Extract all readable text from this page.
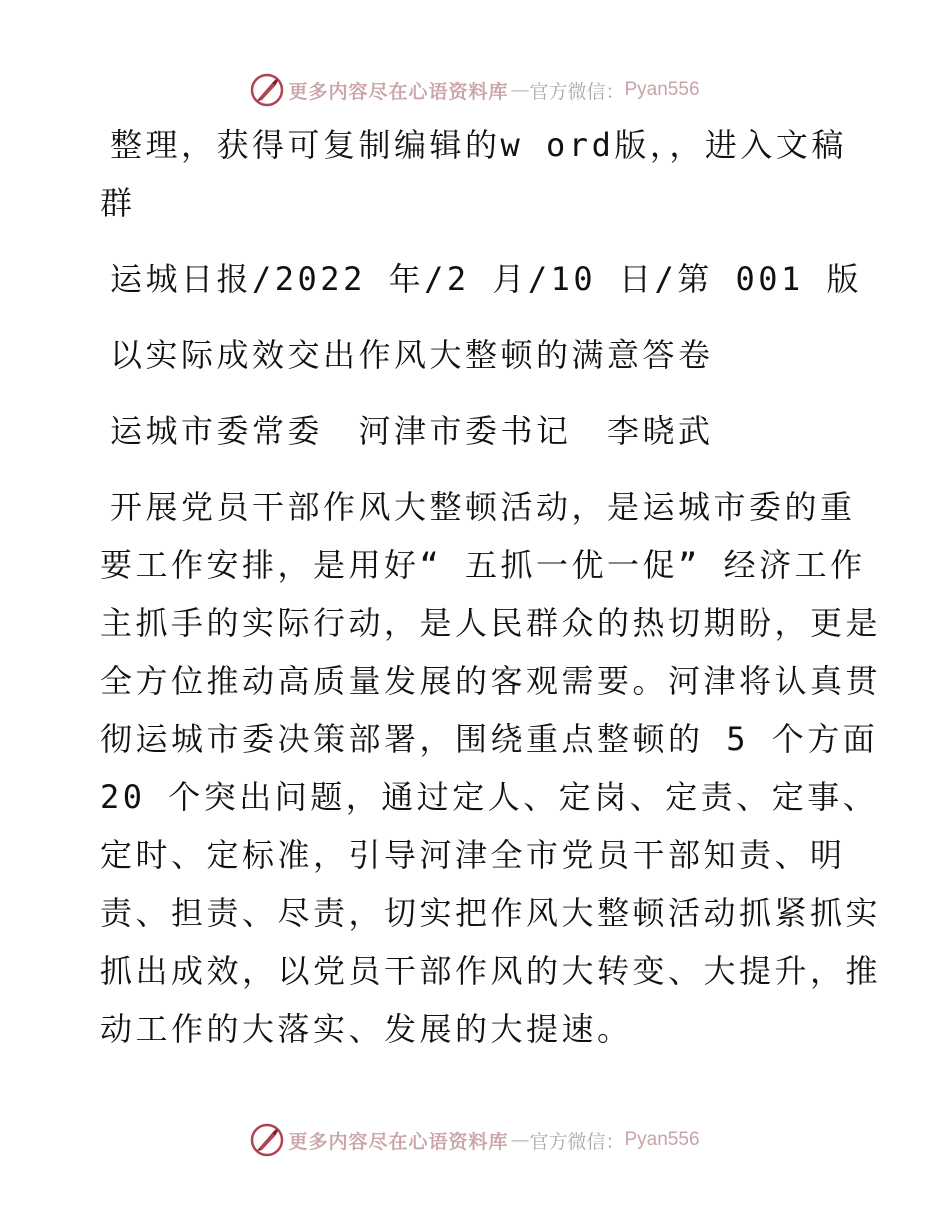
更多内容尽在心语资料库 — 官方微信： Pyan556
整理，获得可复制编辑的w ord版，，进入文稿
群
运城日报/2022 年/2 月/10 日/第 001 版
以实际成效交出作风大整顿的满意答卷
运城市委常委　河津市委书记　李晓武
开展党员干部作风大整顿活动，是运城市委的重
要工作安排，是用好“ 五抓一优一促” 经济工作
主抓手的实际行动，是人民群众的热切期盼，更是
全方位推动高质量发展的客观需要。河津将认真贯
彻运城市委决策部署，围绕重点整顿的 5 个方面
20 个突出问题，通过定人、定岗、定责、定事、
定时、定标准，引导河津全市党员干部知责、明
责、担责、尽责，切实把作风大整顿活动抓紧抓实
抓出成效，以党员干部作风的大转变、大提升，推
动工作的大落实、发展的大提速。
更多内容尽在心语资料库 — 官方微信： Pyan556
